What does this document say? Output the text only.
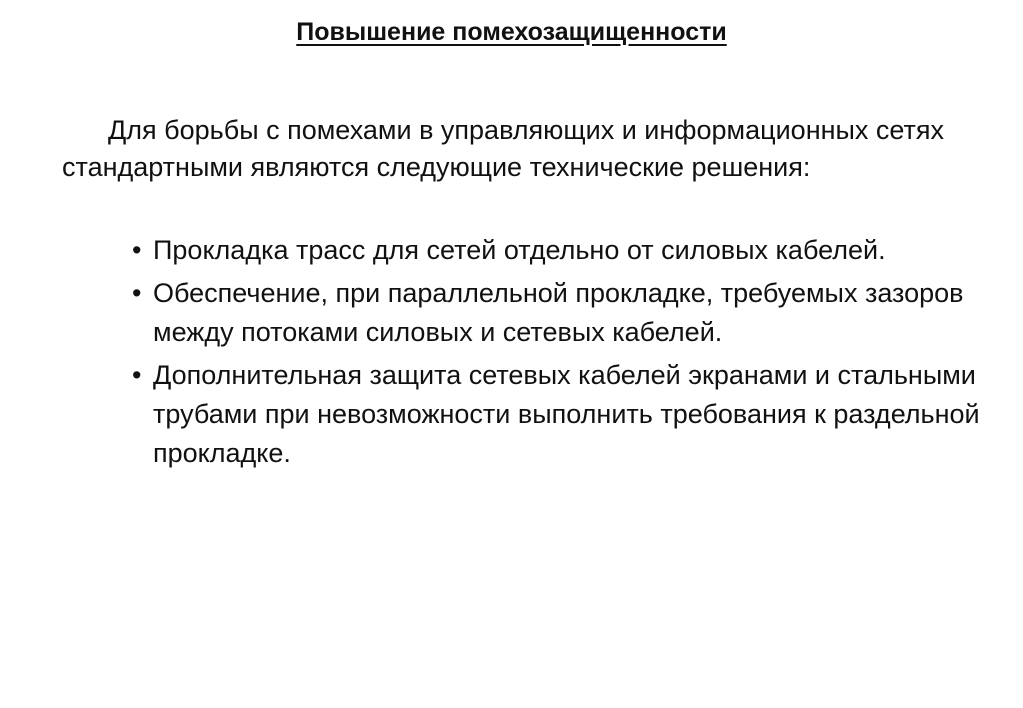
Повышение помехозащищенности

Для борьбы с помехами в управляющих и информационных сетях стандартными являются следующие технические решения:

• Прокладка трасс для сетей отдельно от силовых кабелей.
• Обеспечение, при параллельной прокладке, требуемых зазоров между потоками силовых и сетевых кабелей.
• Дополнительная защита сетевых кабелей экранами и стальными трубами при невозможности выполнить требования к раздельной прокладке.
